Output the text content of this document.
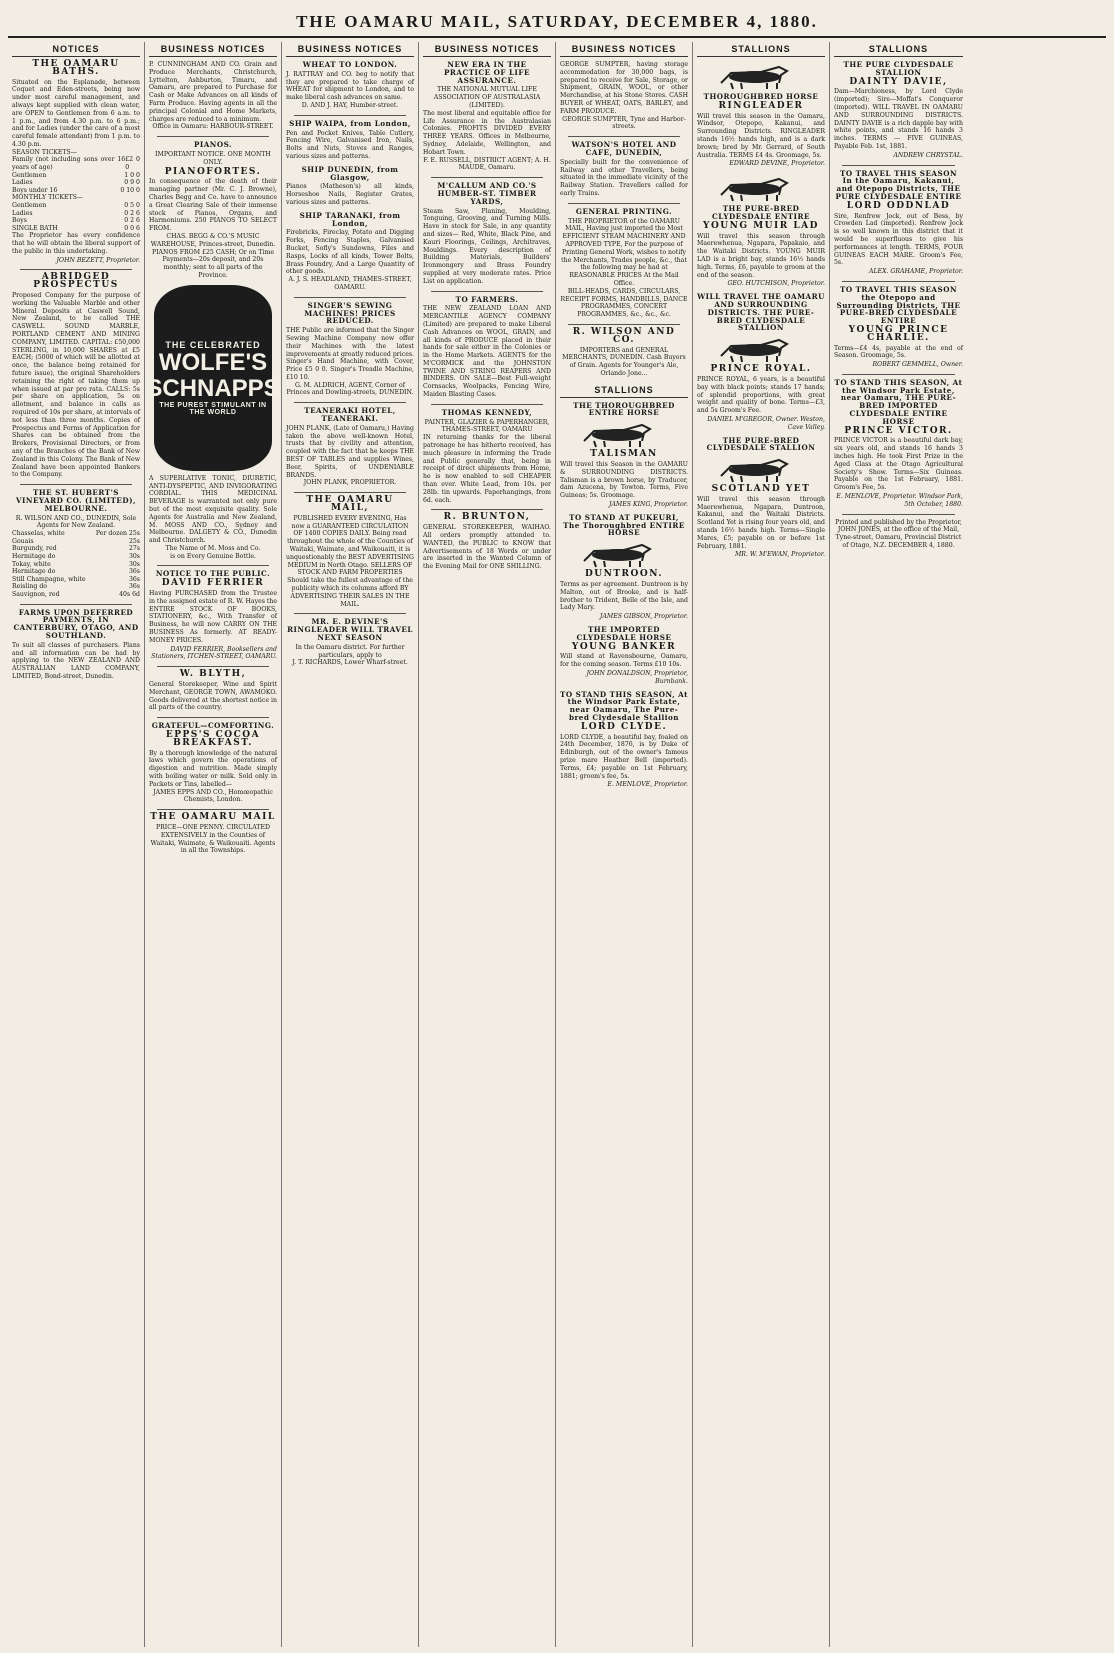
THE OAMARU MAIL, SATURDAY, DECEMBER 4, 1880.
NOTICES
THE OAMARU BATHS.
Situated on the Esplanade, between Coquet and Eden-streets, being now under most careful management, and always kept supplied with clean water, are OPEN to Gentlemen from 6 a.m. to 1 p.m., and from 4.30 p.m. to 6 p.m.; and for Ladies (under the care of a most careful female attendant) from 1 p.m. to 4.30 p.m.
SEASON TICKETS—
Family (not including sons over 16 years of age)
£2 0 0
Gentlemen	1 0 0
Ladies	0 9 0
Boys under 16	0 10 0
MONTHLY TICKETS—
Gentlemen	0 5 0
Ladies	0 2 6
Boys	0 2 6
SINGLE BATH	0 0 6
The Proprietor has every confidence that he will obtain the liberal support of the public in this undertaking.
JOHN BEZETT, Proprietor.
ABRIDGED PROSPECTUS
Proposed Company for the purpose of working the Valuable Marble and other Mineral Deposits at Caswell Sound, New Zealand, to be called THE CASWELL SOUND MARBLE, PORTLAND CEMENT AND MINING COMPANY, LIMITED. CAPITAL: £50,000 STERLING, in 10,000 SHARES at £5 EACH; (5000 of which will be allotted at once, the balance being retained for future issue), the original Shareholders retaining the right of taking them up when issued at par pro rata. CALLS: 5s per share on application, 5s on allotment, and balance in calls as required of 10s per share, at intervals of not less than three months. Copies of Prospectus and Forms of Application for Shares can be obtained from the Brokers, Provisional Directors, or from any of the Branches of the Bank of New Zealand in this Colony. The Bank of New Zealand have been appointed Bankers to the Company.
THE ST. HUBERT'S VINEYARD CO. (LIMITED), MELBOURNE.
R. WILSON AND CO., DUNEDIN, Sole Agents for New Zealand.
Chasselas, white	Per dozen 25s
Gouais	25s
Burgundy, red	27s
Hermitage do	30s
Tokay, white	30s
Hermitage do	36s
Still Champagne, white	36s
Reisling do	36s
Sauvignon, red	40s 6d
FARMS UPON DEFERRED PAYMENTS, IN CANTERBURY, OTAGO, AND SOUTHLAND.
To suit all classes of purchasers. Plans and all information can be had by applying to the NEW ZEALAND AND AUSTRALIAN LAND COMPANY, LIMITED, Bond-street, Dunedin.
BUSINESS NOTICES
P. CUNNINGHAM AND CO. Grain and Produce Merchants, Christchurch, Lyttelton, Ashburton, Timaru, and Oamaru, are prepared to Purchase for Cash or Make Advances on all kinds of Farm Produce. Having agents in all the principal Colonial and Home Markets, charges are reduced to a minimum.
Office in Oamaru: HARBOUR-STREET.
PIANOS.
IMPORTANT NOTICE. ONE MONTH ONLY.
PIANOFORTES.
In consequence of the death of their managing partner (Mr. C. J. Browne), Charles Begg and Co. have to announce a Great Clearing Sale of their immense stock of Pianos, Organs, and Harmoniums. 250 PIANOS TO SELECT FROM.
CHAS. BEGG & CO.'S MUSIC WAREHOUSE, Princes-street, Dunedin.
PIANOS FROM £25 CASH; Or on Time Payments—20s deposit, and 20s monthly; sent to all parts of the Province.
THE CELEBRATED
WOLFE'S SCHNAPPS
THE PUREST STIMULANT IN THE WORLD
A SUPERLATIVE TONIC, DIURETIC, ANTI-DYSPEPTIC, AND INVIGORATING CORDIAL. THIS MEDICINAL BEVERAGE is warranted not only pure but of the most exquisite quality. Sole Agents for Australia and New Zealand, M. MOSS AND CO., Sydney and Melbourne. DALGETY & CO., Dunedin and Christchurch.
The Name of M. Moss and Co.
is on Every Genuine Bottle.
NOTICE TO THE PUBLIC.
DAVID FERRIER
Having PURCHASED from the Trustee in the assigned estate of R. W. Hayes the ENTIRE STOCK OF BOOKS, STATIONERY, &c., With Transfer of Business, he will now CARRY ON THE BUSINESS As formerly. AT READY-MONEY PRICES.
DAVID FERRIER, Booksellers and Stationers, ITCHEN-STREET, OAMARU.
W. BLYTH,
General Storekeeper, Wine and Spirit Merchant, GEORGE TOWN, AWAMOKO. Goods delivered at the shortest notice in all parts of the country.
GRATEFUL—COMFORTING.
EPPS'S COCOA BREAKFAST.
By a thorough knowledge of the natural laws which govern the operations of digestion and nutrition. Made simply with boiling water or milk. Sold only in Packets or Tins, labelled—
JAMES EPPS AND CO., Homœopathic Chemists, London.
THE OAMARU MAIL
PRICE—ONE PENNY. CIRCULATED EXTENSIVELY in the Counties of Waitaki, Waimate, & Waikouaiti. Agents in all the Townships.
BUSINESS NOTICES
WHEAT TO LONDON.
J. RATTRAY and CO. beg to notify that they are prepared to take charge of WHEAT for shipment to London, and to make liberal cash advances on same.
D. AND J. HAY, Humber-street.
SHIP WAIPA, from London,
Pen and Pocket Knives, Table Cutlery, Fencing Wire, Galvanised Iron, Nails, Bolts and Nuts, Stoves and Ranges, various sizes and patterns.
SHIP DUNEDIN, from Glasgow,
Pianos (Matheson's) all kinds, Horseshoe Nails, Register Grates, various sizes and patterns.
SHIP TARANAKI, from London,
Firebricks, Fireclay, Potato and Digging Forks, Fencing Staples, Galvanised Bucket, Sofly's Sundowns, Files and Rasps, Locks of all kinds, Tower Bolts, Brass Foundry, And a Large Quantity of other goods.
A. J. S. HEADLAND, THAMES-STREET, OAMARU.
SINGER'S SEWING MACHINES! PRICES REDUCED.
THE Public are informed that the Singer Sewing Machine Company now offer their Machines with the latest improvements at greatly reduced prices. Singer's Hand Machine, with Cover, Price £5 0 0. Singer's Treadle Machine, £10 10.
G. M. ALDRICH, AGENT, Corner of Princes and Dowling-streets, DUNEDIN.
TEANERAKI HOTEL, TEANERAKI.
JOHN PLANK, (Late of Oamaru,) Having taken the above well-known Hotel, trusts that by civility and attention, coupled with the fact that he keeps THE BEST OF TABLES and supplies Wines, Beer, Spirits, of UNDENIABLE BRANDS.
JOHN PLANK, PROPRIETOR.
THE OAMARU MAIL,
PUBLISHED EVERY EVENING, Has now a GUARANTEED CIRCULATION OF 1400 COPIES DAILY. Being read throughout the whole of the Counties of Waitaki, Waimate, and Waikouaiti, it is unquestionably the BEST ADVERTISING MEDIUM in North Otago. SELLERS OF STOCK AND FARM PROPERTIES Should take the fullest advantage of the publicity which its columns afford BY ADVERTISING THEIR SALES IN THE MAIL.
MR. E. DEVINE'S RINGLEADER WILL TRAVEL NEXT SEASON
In the Oamaru district. For further particulars, apply to
J. T. RICHARDS, Lower Wharf-street.
BUSINESS NOTICES
NEW ERA IN THE PRACTICE OF LIFE ASSURANCE.
THE NATIONAL MUTUAL LIFE ASSOCIATION OF AUSTRALASIA (LIMITED).
The most liberal and equitable office for Life Assurance in the Australasian Colonies. PROFITS DIVIDED EVERY THREE YEARS. Offices in Melbourne, Sydney, Adelaide, Wellington, and Hobart Town.
F. E. RUSSELL, DISTRICT AGENT; A. H. MAUDE, Oamaru.
M'CALLUM AND CO.'S HUMBER-ST. TIMBER YARDS,
Steam Saw, Planing, Moulding, Tonguing, Grooving, and Turning Mills. Have in stock for Sale, in any quantity and sizes— Red, White, Black Pine, and Kauri Floorings, Ceilings, Architraves, Mouldings. Every description of Building Materials, Builders' Ironmongery and Brass Foundry supplied at very moderate rates. Price List on application.
TO FARMERS.
THE NEW ZEALAND LOAN AND MERCANTILE AGENCY COMPANY (Limited) are prepared to make Liberal Cash Advances on WOOL, GRAIN, and all kinds of PRODUCE placed in their hands for sale either in the Colonies or in the Home Markets. AGENTS for the M'CORMICK and the JOHNSTON TWINE AND STRING REAPERS AND BINDERS. ON SALE—Best Full-weight Cornsacks, Woolpacks, Fencing Wire, Maiden Blasting Cases.
THOMAS KENNEDY,
PAINTER, GLAZIER & PAPERHANGER, THAMES-STREET, OAMARU
IN returning thanks for the liberal patronage he has hitherto received, has much pleasure in informing the Trade and Public generally that, being in receipt of direct shipments from Home, he is now enabled to sell CHEAPER than ever. White Lead, from 10s. per 28lb. tin upwards. Paperhangings, from 6d. each.
R. BRUNTON,
GENERAL STOREKEEPER, WAIHAO. All orders promptly attended to. WANTED, the PUBLIC to KNOW that Advertisements of 18 Words or under are inserted in the Wanted Column of the Evening Mail for ONE SHILLING.
BUSINESS NOTICES
GEORGE SUMPTER, having storage accommodation for 30,000 bags, is prepared to receive for Sale, Storage, or Shipment, GRAIN, WOOL, or other Merchandise, at his Stone Stores. CASH BUYER of WHEAT, OATS, BARLEY, and FARM PRODUCE.
GEORGE SUMPTER, Tyne and Harbor-streets.
WATSON'S HOTEL AND CAFE, DUNEDIN,
Specially built for the convenience of Railway and other Travellers, being situated in the immediate vicinity of the Railway Station. Travellers called for early Trains.
GENERAL PRINTING.
THE PROPRIETOR of the OAMARU MAIL, Having just imported the Most EFFICIENT STEAM MACHINERY AND APPROVED TYPE, For the purpose of Printing General Work, wishes to notify the Merchants, Trades people, &c., that the following may be had at REASONABLE PRICES At the Mail Office.
BILL-HEADS, CARDS, CIRCULARS, RECEIPT FORMS, HANDBILLS, DANCE PROGRAMMES, CONCERT PROGRAMMES, &c., &c., &c.
R. WILSON AND CO.
IMPORTERS and GENERAL MERCHANTS, DUNEDIN. Cash Buyers of Grain. Agents for Younger's Ale, Orlando Jone...
STALLIONS
THE THOROUGHBRED ENTIRE HORSE
TALISMAN
Will travel this Season in the OAMARU & SURROUNDING DISTRICTS. Talisman is a brown horse, by Traducer, dam Azucena, by Towton. Terms, Five Guineas; 5s. Groomage.
JAMES KING, Proprietor.
TO STAND AT PUKEURI, The Thoroughbred ENTIRE HORSE
DUNTROON.
Terms as per agreement. Duntroon is by Malton, out of Brooke, and is half-brother to Trident, Belle of the Isle, and Lady Mary.
JAMES GIBSON, Proprietor.
THE IMPORTED CLYDESDALE HORSE
YOUNG BANKER
Will stand at Ravensbourne, Oamaru, for the coming season. Terms £10 10s.
JOHN DONALDSON, Proprietor, Burnbank.
TO STAND THIS SEASON, At the Windsor Park Estate, near Oamaru, The Pure-bred Clydesdale Stallion
LORD CLYDE.
LORD CLYDE, a beautiful bay, foaled on 24th December, 1876, is by Duke of Edinburgh, out of the owner's famous prize mare Heather Bell (imported). Terms, £4; payable on 1st February, 1881; groom's fee, 5s.
E. MENLOVE, Proprietor.
STALLIONS
THOROUGHBRED HORSE
RINGLEADER
Will travel this season in the Oamaru, Windsor, Otepopo, Kakanui, and Surrounding Districts. RINGLEADER stands 16½ hands high, and is a dark brown; bred by Mr. Gerrard, of South Australia. TERMS £4 4s. Groomage, 5s.
EDWARD DEVINE, Proprietor.
THE PURE-BRED CLYDESDALE ENTIRE
YOUNG MUIR LAD
Will travel this season through Maerewhenua, Ngapara, Papakaio, and the Waitaki Districts. YOUNG MUIR LAD is a bright bay, stands 16½ hands high. Terms, £6, payable to groom at the end of the season.
GEO. HUTCHISON, Proprietor.
WILL TRAVEL THE OAMARU AND SURROUNDING DISTRICTS. THE PURE-BRED CLYDESDALE STALLION
PRINCE ROYAL.
PRINCE ROYAL, 6 years, is a beautiful bay with black points; stands 17 hands; of splendid proportions, with great weight and quality of bone. Terms—£3, and 5s Groom's Fee.
DANIEL M'GREGOR, Owner. Weston, Cave Valley.
THE PURE-BRED CLYDESDALE STALLION
SCOTLAND YET
Will travel this season through Maerewhenua, Ngapara, Duntroon, Kakanui, and the Waitaki Districts. Scotland Yet is rising four years old, and stands 16½ hands high. Terms—Single Mares, £5; payable on or before 1st February, 1881.
MR. W. M'EWAN, Proprietor.
STALLIONS
THE PURE CLYDESDALE STALLION
DAINTY DAVIE,
Dam—Marchioness, by Lord Clyde (imported); Sire—Moffat's Conqueror (imported). WILL TRAVEL IN OAMARU AND SURROUNDING DISTRICTS. DAINTY DAVIE is a rich dapple bay with white points, and stands 16 hands 3 inches. TERMS — FIVE GUINEAS, Payable Feb. 1st, 1881.
ANDREW CHRYSTAL.
TO TRAVEL THIS SEASON In the Oamaru, Kakanui, and Otepopo Districts, THE PURE CLYDESDALE ENTIRE
LORD ODDNLAD
Sire, Renfrew Jock, out of Bess, by Crowden Lad (imported). Renfrew Jock is so well known in this district that it would be superfluous to give his performances at length. TERMS, FOUR GUINEAS EACH MARE. Groom's Fee, 5s.
ALEX. GRAHAME, Proprietor.
TO TRAVEL THIS SEASON the Otepopo and Surrounding Districts, THE PURE-BRED CLYDESDALE ENTIRE
YOUNG PRINCE CHARLIE.
Terms—£4 4s, payable at the end of Season. Groomage, 5s.
ROBERT GEMMELL, Owner.
TO STAND THIS SEASON, At the Windsor Park Estate, near Oamaru, THE PURE-BRED IMPORTED CLYDESDALE ENTIRE HORSE
PRINCE VICTOR.
PRINCE VICTOR is a beautiful dark bay, six years old, and stands 16 hands 3 inches high. He took First Prize in the Aged Class at the Otago Agricultural Society's Show. Terms—Six Guineas. Payable on the 1st February, 1881. Groom's Fee, 5s.
E. MENLOVE, Proprietor. Windsor Park, 5th October, 1880.
Printed and published by the Proprietor, JOHN JONES, at the office of the Mail, Tyne-street, Oamaru, Provincial District of Otago, N.Z. DECEMBER 4, 1880.
